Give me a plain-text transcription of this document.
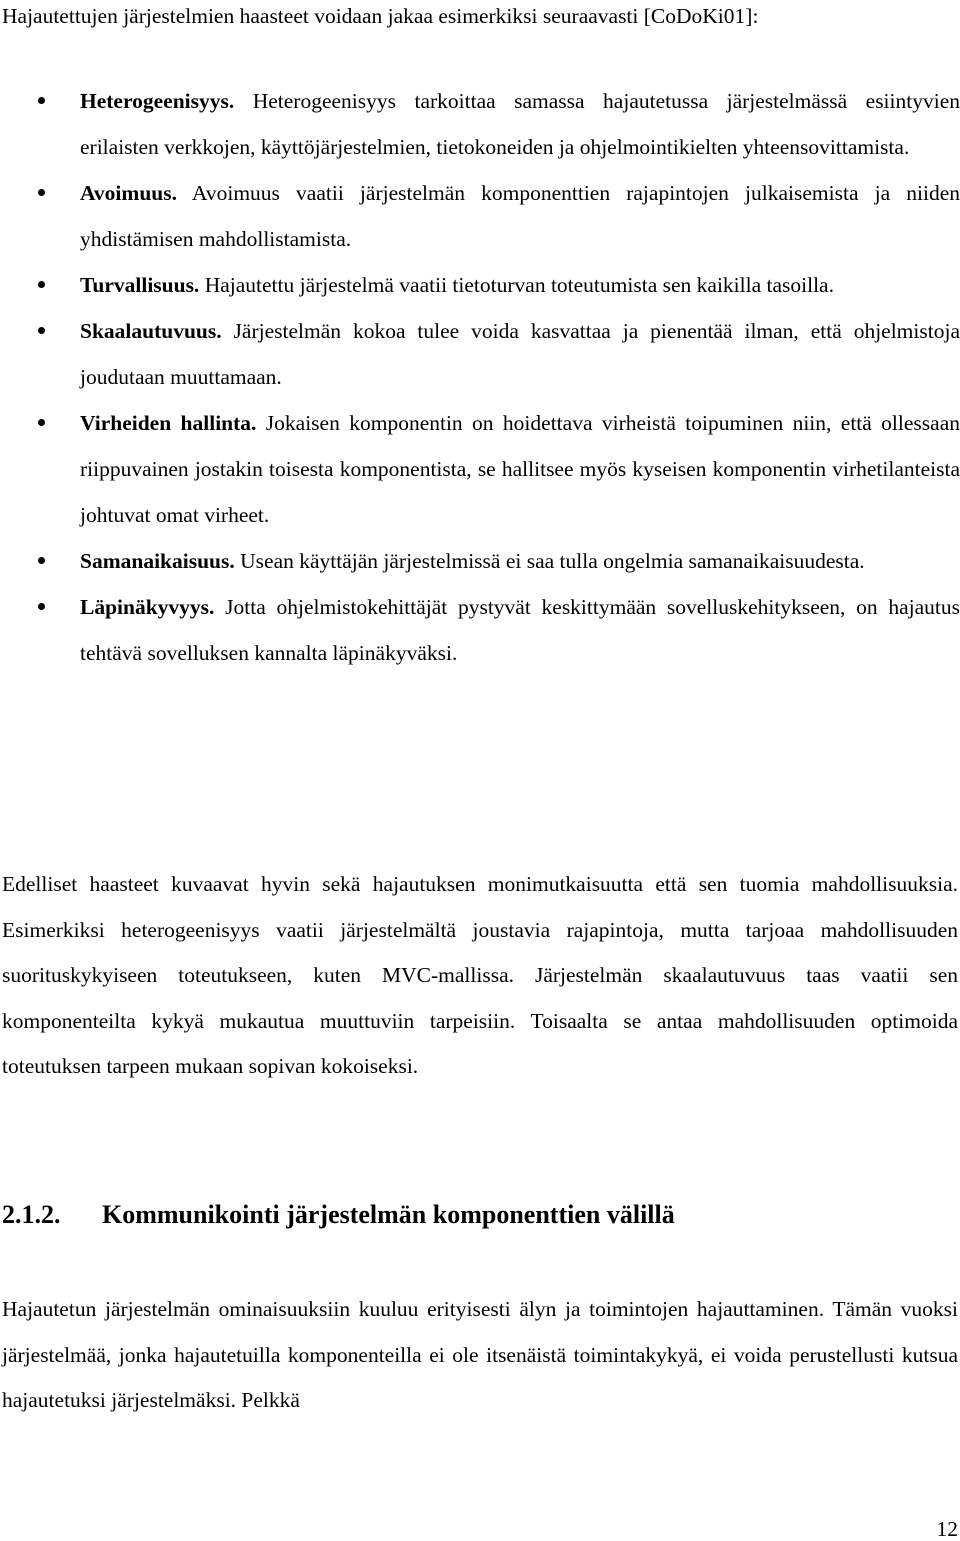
Hajautettujen järjestelmien haasteet voidaan jakaa esimerkiksi seuraavasti [CoDoKi01]:
Heterogeenisyys. Heterogeenisyys tarkoittaa samassa hajautetussa järjestelmässä esiintyvien erilaisten verkkojen, käyttöjärjestelmien, tietokoneiden ja ohjelmointikielten yhteensovittamista.
Avoimuus. Avoimuus vaatii järjestelmän komponenttien rajapintojen julkaisemista ja niiden yhdistämisen mahdollistamista.
Turvallisuus. Hajautettu järjestelmä vaatii tietoturvan toteutumista sen kaikilla tasoilla.
Skaalautuvuus. Järjestelmän kokoa tulee voida kasvattaa ja pienentää ilman, että ohjelmistoja joudutaan muuttamaan.
Virheiden hallinta. Jokaisen komponentin on hoidettava virheistä toipuminen niin, että ollessaan riippuvainen jostakin toisesta komponentista, se hallitsee myös kyseisen komponentin virhetilanteista johtuvat omat virheet.
Samanaikaisuus. Usean käyttäjän järjestelmissä ei saa tulla ongelmia samanaikaisuudesta.
Läpinäkyvyys. Jotta ohjelmistokehittäjät pystyvät keskittymään sovelluskehitykseen, on hajautus tehtävä sovelluksen kannalta läpinäkyväksi.

Edelliset haasteet kuvaavat hyvin sekä hajautuksen monimutkaisuutta että sen tuomia mahdollisuuksia. Esimerkiksi heterogeenisyys vaatii järjestelmältä joustavia rajapintoja, mutta tarjoaa mahdollisuuden suorituskykyiseen toteutukseen, kuten MVC-mallissa. Järjestelmän skaalautuvuus taas vaatii sen komponenteilta kykyä mukautua muuttuviin tarpeisiin. Toisaalta se antaa mahdollisuuden optimoida toteutuksen tarpeen mukaan sopivan kokoiseksi.

2.1.2. Kommunikointi järjestelmän komponenttien välillä

Hajautetun järjestelmän ominaisuuksiin kuuluu erityisesti älyn ja toimintojen hajauttaminen. Tämän vuoksi järjestelmää, jonka hajautetuilla komponenteilla ei ole itsenäistä toimintakykyä, ei voida perustellusti kutsua hajautetuksi järjestelmäksi. Pelkkä

12
